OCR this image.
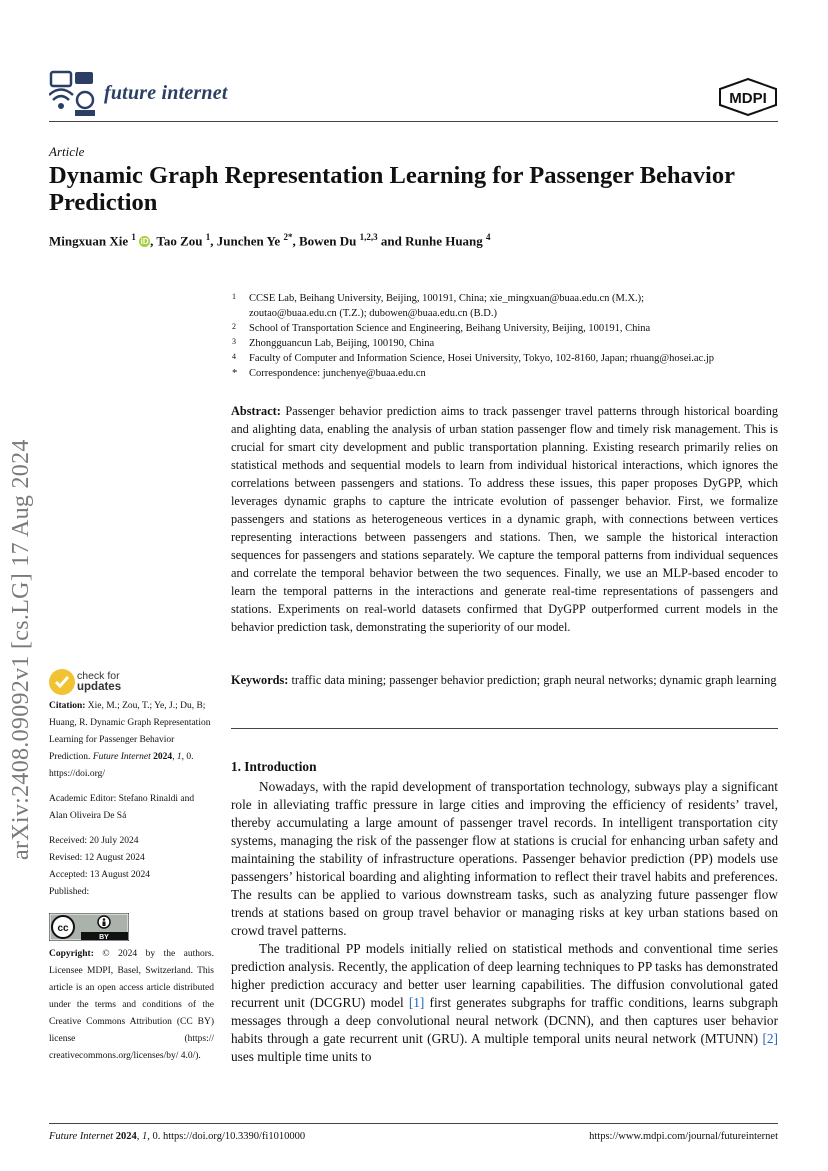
future internet	MDPI
Article
Dynamic Graph Representation Learning for Passenger Behavior Prediction
Mingxuan Xie $^1$ iD , Tao Zou $^1$, Junchen Ye $^{2*}$, Bowen Du $^{1,2,3}$ and Runhe Huang $^4$
1 CCSE Lab, Beihang University, Beijing, 100191, China; xie_mingxuan@buaa.edu.cn (M.X.);
zoutao@buaa.edu.cn (T.Z.); dubowen@buaa.edu.cn (B.D.)
2 School of Transportation Science and Engineering, Beihang University, Beijing, 100191, China
3 Zhongguancun Lab, Beijing, 100190, China
4 Faculty of Computer and Information Science, Hosei University, Tokyo, 102-8160, Japan; rhuang@hosei.ac.jp
* Correspondence: junchenye@buaa.edu.cn
Abstract: Passenger behavior prediction aims to track passenger travel patterns through historical boarding and alighting data, enabling the analysis of urban station passenger flow and timely risk management. This is crucial for smart city development and public transportation planning. Existing research primarily relies on statistical methods and sequential models to learn from individual historical interactions, which ignores the correlations between passengers and stations. To address these issues, this paper proposes DyGPP, which leverages dynamic graphs to capture the intricate evolution of passenger behavior. First, we formalize passengers and stations as heterogeneous vertices in a dynamic graph, with connections between vertices representing interactions between passengers and stations. Then, we sample the historical interaction sequences for passengers and stations separately. We capture the temporal patterns from individual sequences and correlate the temporal behavior between the two sequences. Finally, we use an MLP-based encoder to learn the temporal patterns in the interactions and generate real-time representations of passengers and stations. Experiments on real-world datasets confirmed that DyGPP outperformed current models in the behavior prediction task, demonstrating the superiority of our model.
Keywords: traffic data mining; passenger behavior prediction; graph neural networks; dynamic graph learning
1. Introduction

Nowadays, with the rapid development of transportation technology, subways play a significant role in alleviating traffic pressure in large cities and improving the efficiency of residents’ travel, thereby accumulating a large amount of passenger travel records. In intelligent transportation city systems, managing the risk of the passenger flow at stations is crucial for enhancing urban safety and maintaining the stability of infrastructure operations. Passenger behavior prediction (PP) models use passengers’ historical boarding and alighting information to reflect their travel habits and preferences. The results can be applied to various downstream tasks, such as analyzing future passenger flow trends at stations based on group travel behavior or managing risks at key urban stations based on crowd travel patterns.

The traditional PP models initially relied on statistical methods and conventional time series prediction analysis. Recently, the application of deep learning techniques to PP tasks has demonstrated higher prediction accuracy and better user learning capabilities. The diffusion convolutional gated recurrent unit (DCGRU) model [1] first generates subgraphs for traffic conditions, learns subgraph messages through a deep convolutional neural network (DCNN), and then captures user behavior habits through a gate recurrent unit (GRU). A multiple temporal units neural network (MTUNN) [2] uses multiple time units to

arXiv:2408.09092v1 [cs.LG] 17 Aug 2024	check for
updates
Citation: Xie, M.; Zou, T.; Ye, J.; Du, B; Huang, R. Dynamic Graph Representation Learning for Passenger Behavior Prediction. Future Internet 2024, 1, 0. https://doi.org/
Academic Editor: Stefano Rinaldi and Alan Oliveira De Sá
Received: 20 July 2024
Revised: 12 August 2024
Accepted: 13 August 2024
Published:
cc
BY
Copyright: © 2024 by the authors. Licensee MDPI, Basel, Switzerland. This article is an open access article distributed under the terms and conditions of the Creative Commons Attribution (CC BY) license (https:// creativecommons.org/licenses/by/ 4.0/).
Future Internet 2024, 1, 0. https://doi.org/10.3390/fi1010000	https://www.mdpi.com/journal/futureinternet
